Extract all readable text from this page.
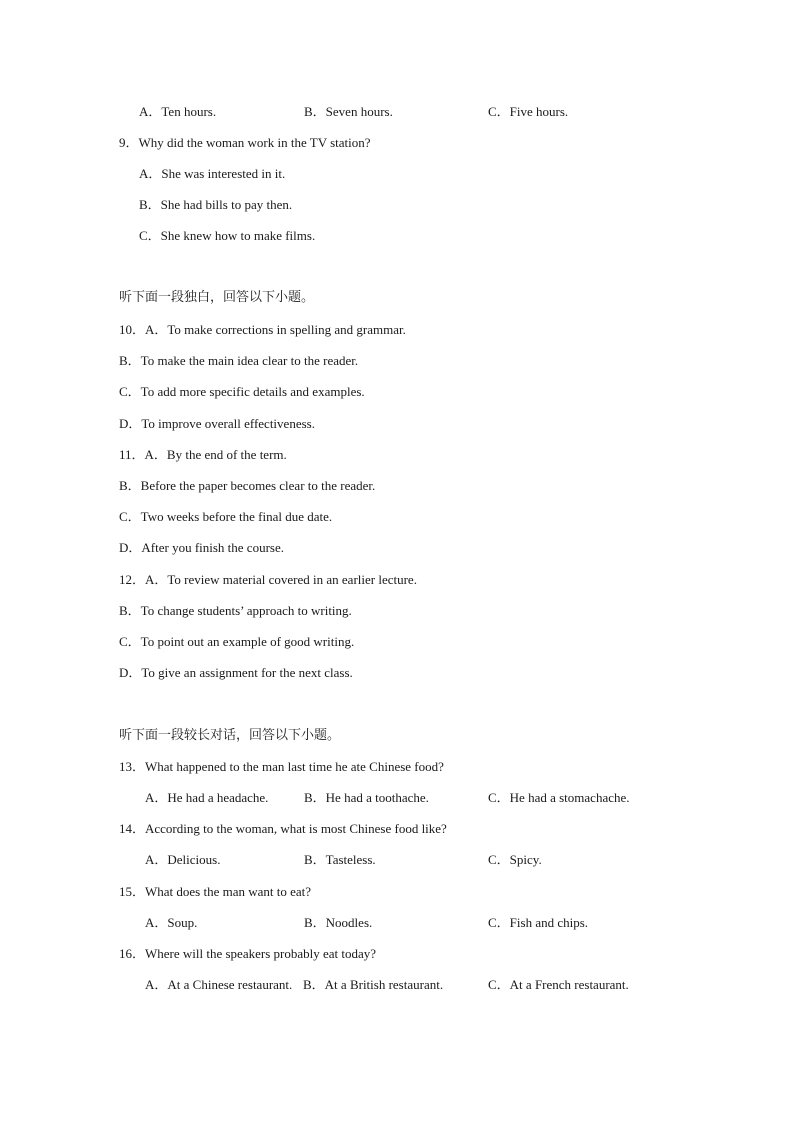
A．Ten hours.	B．Seven hours.	C．Five hours.
9．Why did the woman work in the TV station?
A．She was interested in it.
B．She had bills to pay then.
C．She knew how to make films.
听下面一段独白，回答以下小题。
10．A．To make corrections in spelling and grammar.
B．To make the main idea clear to the reader.
C．To add more specific details and examples.
D．To improve overall effectiveness.
11．A．By the end of the term.
B．Before the paper becomes clear to the reader.
C．Two weeks before the final due date.
D．After you finish the course.
12．A．To review material covered in an earlier lecture.
B．To change students’ approach to writing.
C．To point out an example of good writing.
D．To give an assignment for the next class.
听下面一段较长对话，回答以下小题。
13．What happened to the man last time he ate Chinese food?
A．He had a headache.	B．He had a toothache.	C．He had a stomachache.
14．According to the woman, what is most Chinese food like?
A．Delicious.	B．Tasteless.	C．Spicy.
15．What does the man want to eat?
A．Soup.	B．Noodles.	C．Fish and chips.
16．Where will the speakers probably eat today?
A．At a Chinese restaurant. B．At a British restaurant.	C．At a French restaurant.
